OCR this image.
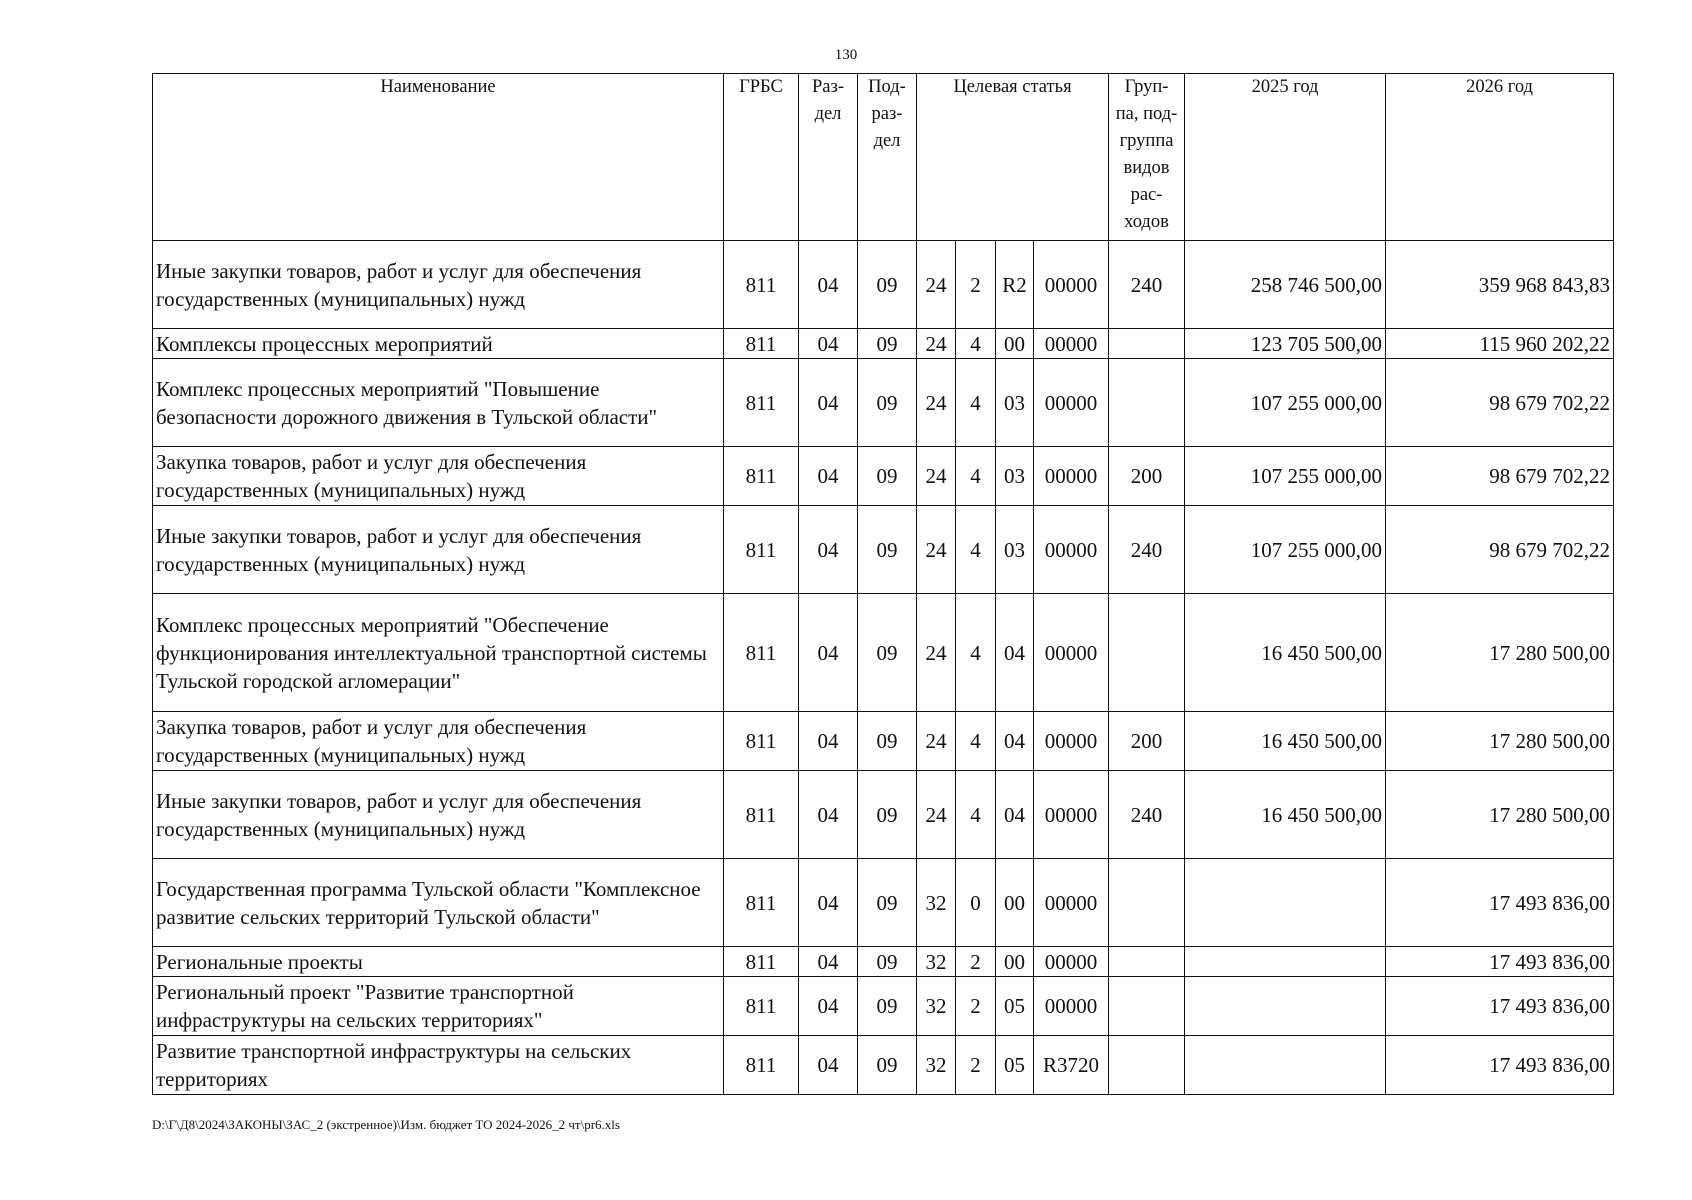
130
Наименование	ГРБС	Раз- дел	Под- раз- дел	Целевая статья				Груп- па, под- группа видов рас- ходов	2025 год	2026 год
Иные закупки товаров, работ и услуг для обеспечения государственных (муниципальных) нужд	811	04	09	24	2	R2	00000	240	258 746 500,00	359 968 843,83
Комплексы процессных мероприятий	811	04	09	24	4	00	00000		123 705 500,00	115 960 202,22
Комплекс процессных мероприятий "Повышение безопасности дорожного движения в Тульской области"	811	04	09	24	4	03	00000		107 255 000,00	98 679 702,22
Закупка товаров, работ и услуг для обеспечения государственных (муниципальных) нужд	811	04	09	24	4	03	00000	200	107 255 000,00	98 679 702,22
Иные закупки товаров, работ и услуг для обеспечения государственных (муниципальных) нужд	811	04	09	24	4	03	00000	240	107 255 000,00	98 679 702,22
Комплекс процессных мероприятий "Обеспечение функционирования интеллектуальной транспортной системы Тульской городской агломерации"	811	04	09	24	4	04	00000		16 450 500,00	17 280 500,00
Закупка товаров, работ и услуг для обеспечения государственных (муниципальных) нужд	811	04	09	24	4	04	00000	200	16 450 500,00	17 280 500,00
Иные закупки товаров, работ и услуг для обеспечения государственных (муниципальных) нужд	811	04	09	24	4	04	00000	240	16 450 500,00	17 280 500,00
Государственная программа Тульской области "Комплексное развитие сельских территорий Тульской области"	811	04	09	32	0	00	00000			17 493 836,00
Региональные проекты	811	04	09	32	2	00	00000			17 493 836,00
Региональный проект "Развитие транспортной инфраструктуры на сельских территориях"	811	04	09	32	2	05	00000			17 493 836,00
Развитие транспортной инфраструктуры на сельских территориях	811	04	09	32	2	05	R3720			17 493 836,00
D:\Г\Д8\2024\ЗАКОНЫ\ЗАС_2 (экстренное)\Изм. бюджет ТО 2024-2026_2 чт\pr6.xls
